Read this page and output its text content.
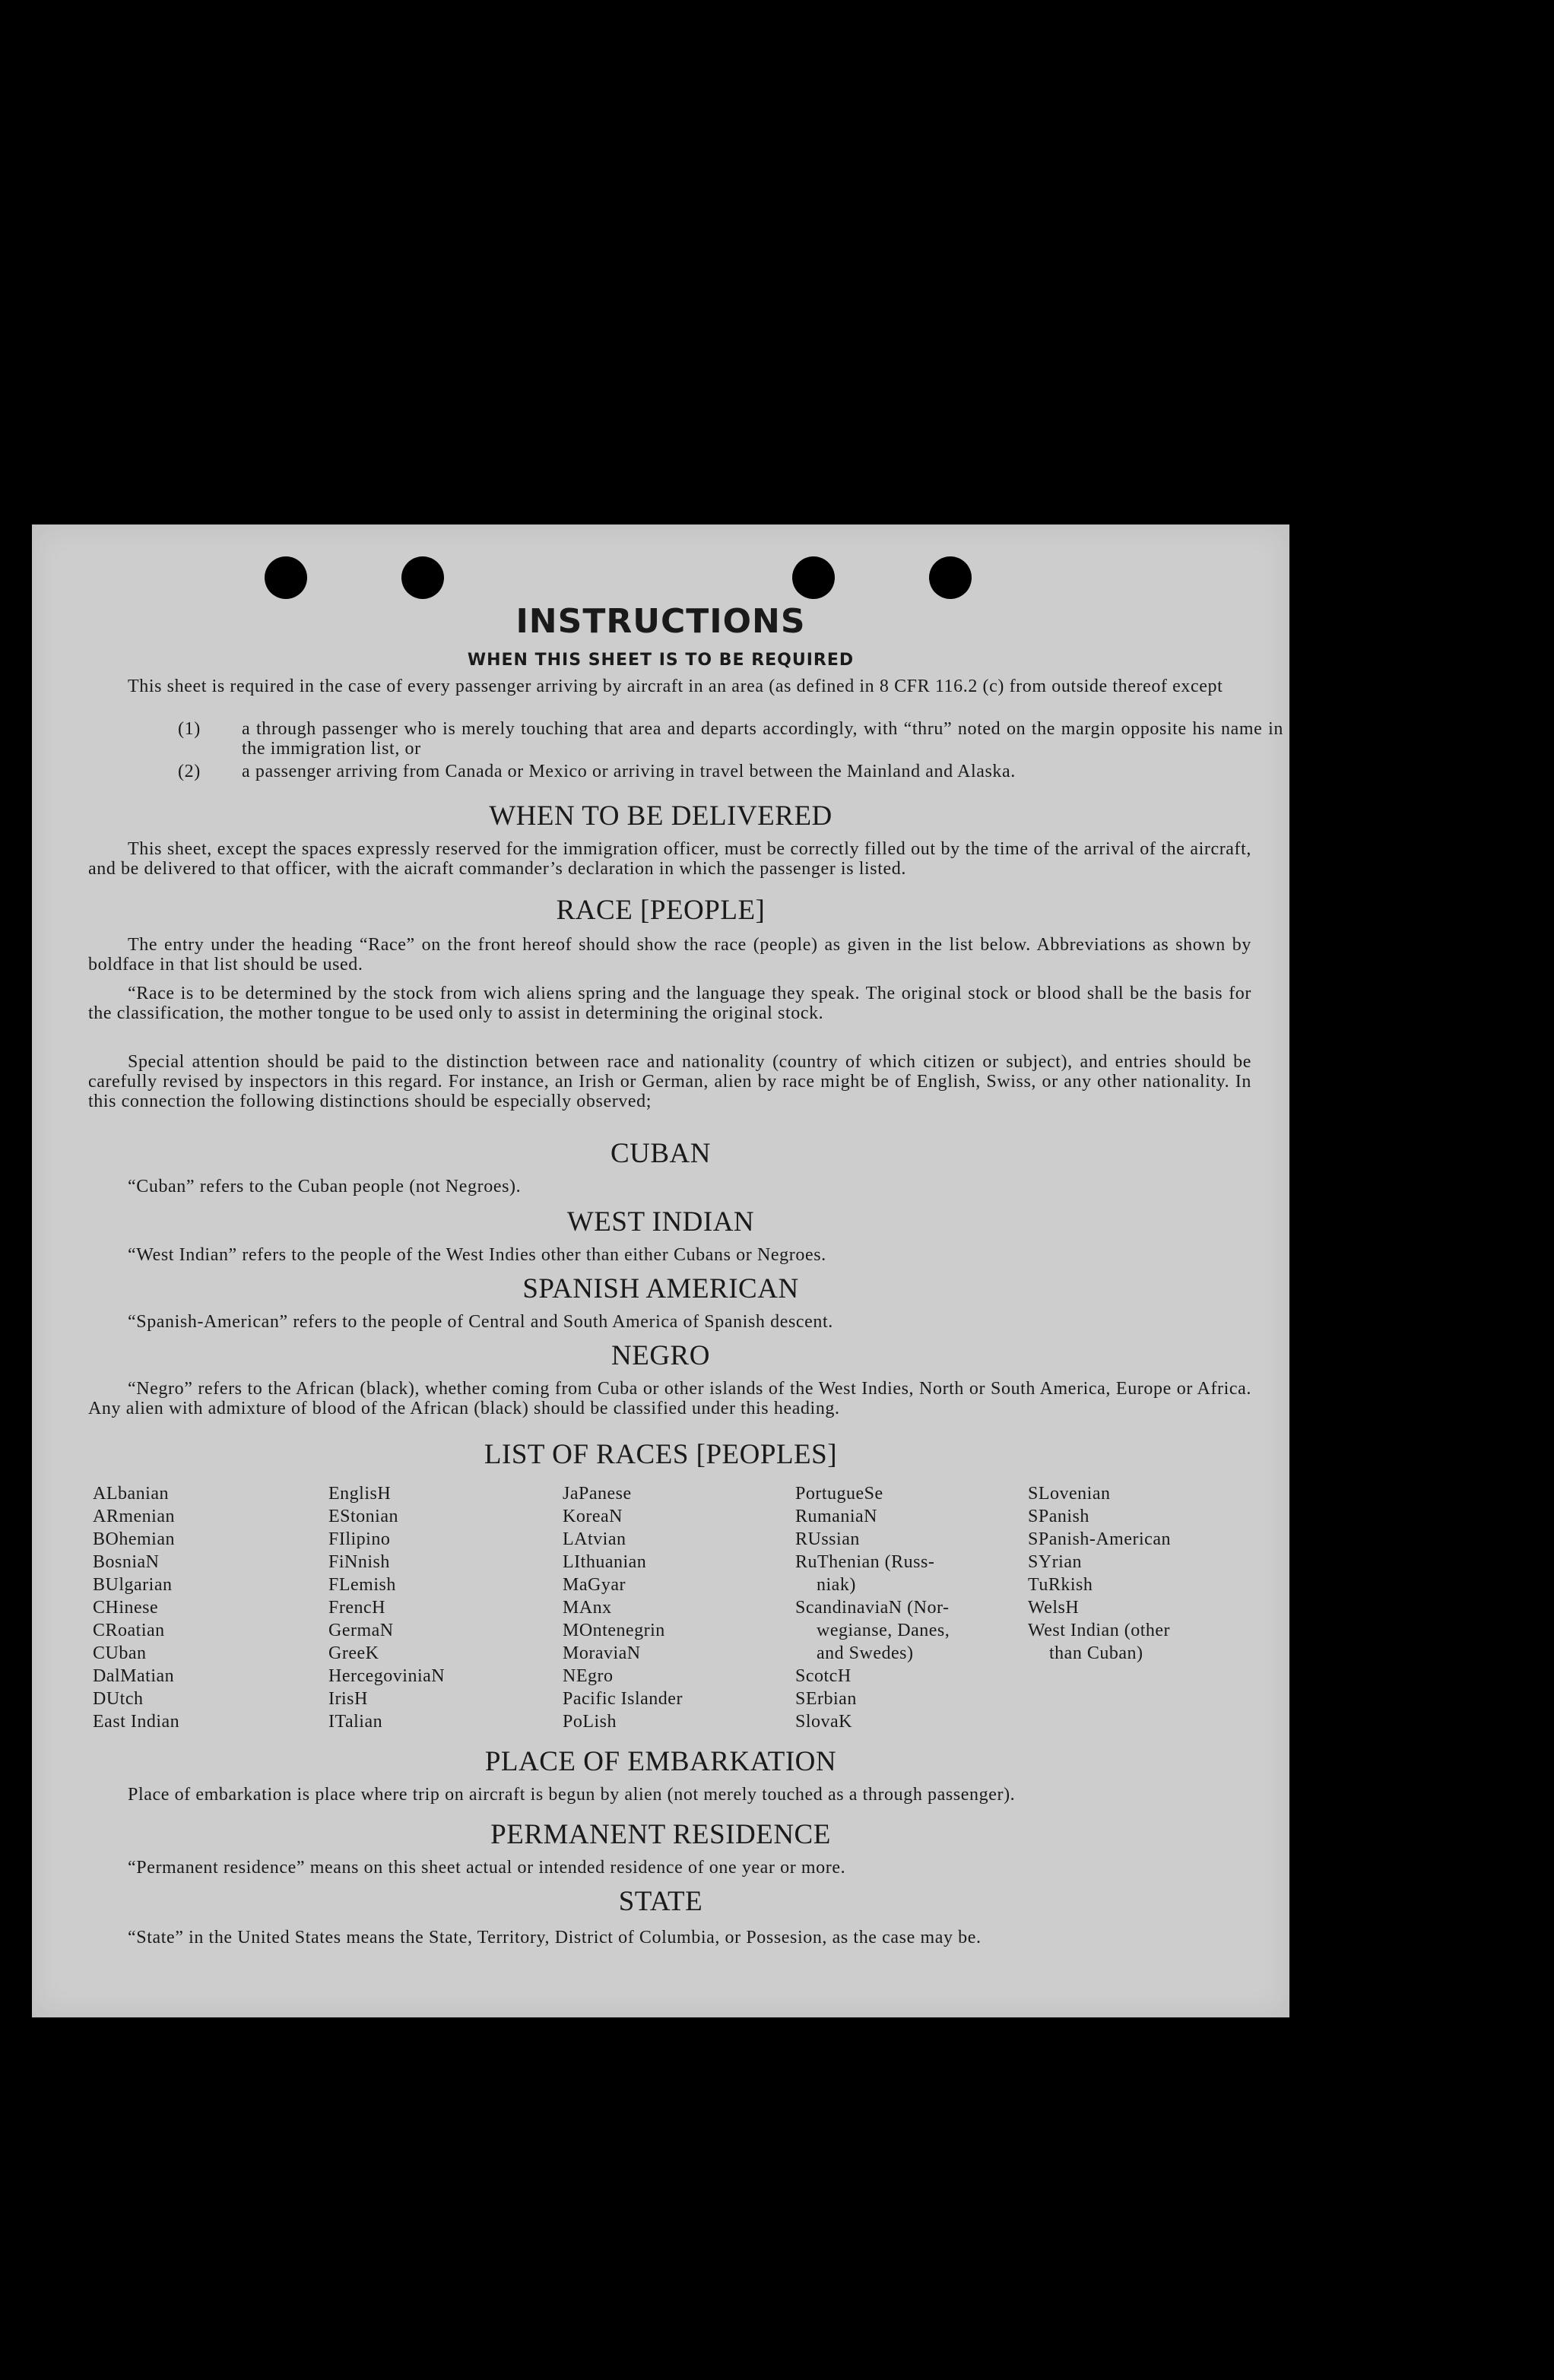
INSTRUCTIONS
WHEN THIS SHEET IS TO BE REQUIRED
This sheet is required in the case of every passenger arriving by aircraft in an area (as defined in 8 CFR 116.2 (c) from outside thereof except
(1) a through passenger who is merely touching that area and departs accordingly, with “thru” noted on the margin opposite his name in the immigration list, or
(2) a passenger arriving from Canada or Mexico or arriving in travel between the Mainland and Alaska.
WHEN TO BE DELIVERED
This sheet, except the spaces expressly reserved for the immigration officer, must be correctly filled out by the time of the arrival of the aircraft, and be delivered to that officer, with the aicraft commander’s declaration in which the passenger is listed.
RACE [PEOPLE]
The entry under the heading “Race” on the front hereof should show the race (people) as given in the list below. Abbreviations as shown by boldface in that list should be used.
“Race is to be determined by the stock from wich aliens spring and the language they speak. The original stock or blood shall be the basis for the classification, the mother tongue to be used only to assist in determining the original stock.
Special attention should be paid to the distinction between race and nationality (country of which citizen or subject), and entries should be carefully revised by inspectors in this regard. For instance, an Irish or German, alien by race might be of English, Swiss, or any other nationality. In this connection the following distinctions should be especially observed;
CUBAN
“Cuban” refers to the Cuban people (not Negroes).
WEST INDIAN
“West Indian” refers to the people of the West Indies other than either Cubans or Negroes.
SPANISH AMERICAN
“Spanish-American” refers to the people of Central and South America of Spanish descent.
NEGRO
“Negro” refers to the African (black), whether coming from Cuba or other islands of the West Indies, North or South America, Europe or Africa. Any alien with admixture of blood of the African (black) should be classified under this heading.
LIST OF RACES [PEOPLES]
ALbanian
ARmenian
BOhemian
BosniaN
BUlgarian
CHinese
CRoatian
CUban
DalMatian
DUtch
East Indian
EnglisH
EStonian
FIlipino
FiNnish
FLemish
FrencH
GermaN
GreeK
HercegoviniaN
IrisH
ITalian
JaPanese
KoreaN
LAtvian
LIthuanian
MaGyar
MAnx
MOntenegrin
MoraviaN
NEgro
Pacific Islander
PoLish
PortugueSe
RumaniaN
RUssian
RuThenian (Russ-
niak)
ScandinaviaN (Nor-
wegianse, Danes,
and Swedes)
ScotcH
SErbian
SlovaK
SLovenian
SPanish
SPanish-American
SYrian
TuRkish
WelsH
West Indian (other
than Cuban)
PLACE OF EMBARKATION
Place of embarkation is place where trip on aircraft is begun by alien (not merely touched as a through passenger).
PERMANENT RESIDENCE
“Permanent residence” means on this sheet actual or intended residence of one year or more.
STATE
“State” in the United States means the State, Territory, District of Columbia, or Possesion, as the case may be.
